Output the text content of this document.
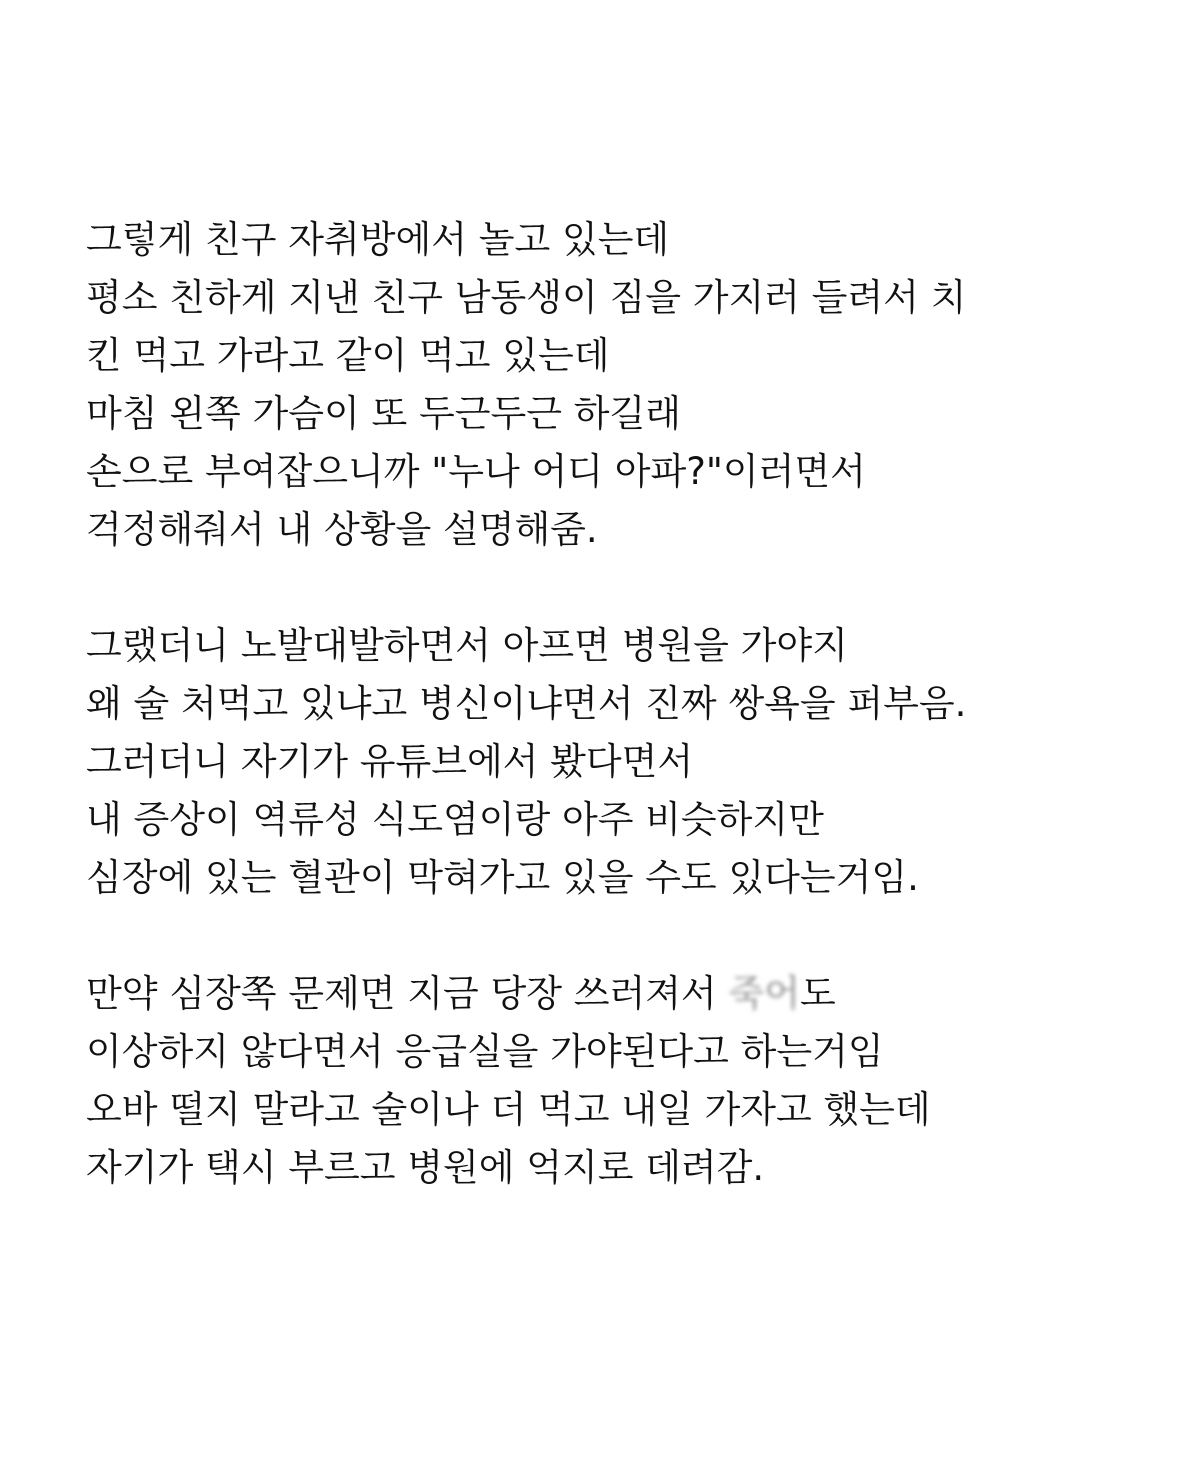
그렇게 친구 자취방에서 놀고 있는데
평소 친하게 지낸 친구 남동생이 짐을 가지러 들려서 치
킨 먹고 가라고 같이 먹고 있는데
마침 왼쪽 가슴이 또 두근두근 하길래
손으로 부여잡으니까 "누나 어디 아파?"이러면서
걱정해줘서 내 상황을 설명해줌.
그랬더니 노발대발하면서 아프면 병원을 가야지
왜 술 처먹고 있냐고 병신이냐면서 진짜 쌍욕을 퍼부음.
그러더니 자기가 유튜브에서 봤다면서
내 증상이 역류성 식도염이랑 아주 비슷하지만
심장에 있는 혈관이 막혀가고 있을 수도 있다는거임.
만약 심장쪽 문제면 지금 당장 쓰러져서 죽어도
이상하지 않다면서 응급실을 가야된다고 하는거임
오바 떨지 말라고 술이나 더 먹고 내일 가자고 했는데
자기가 택시 부르고 병원에 억지로 데려감.
